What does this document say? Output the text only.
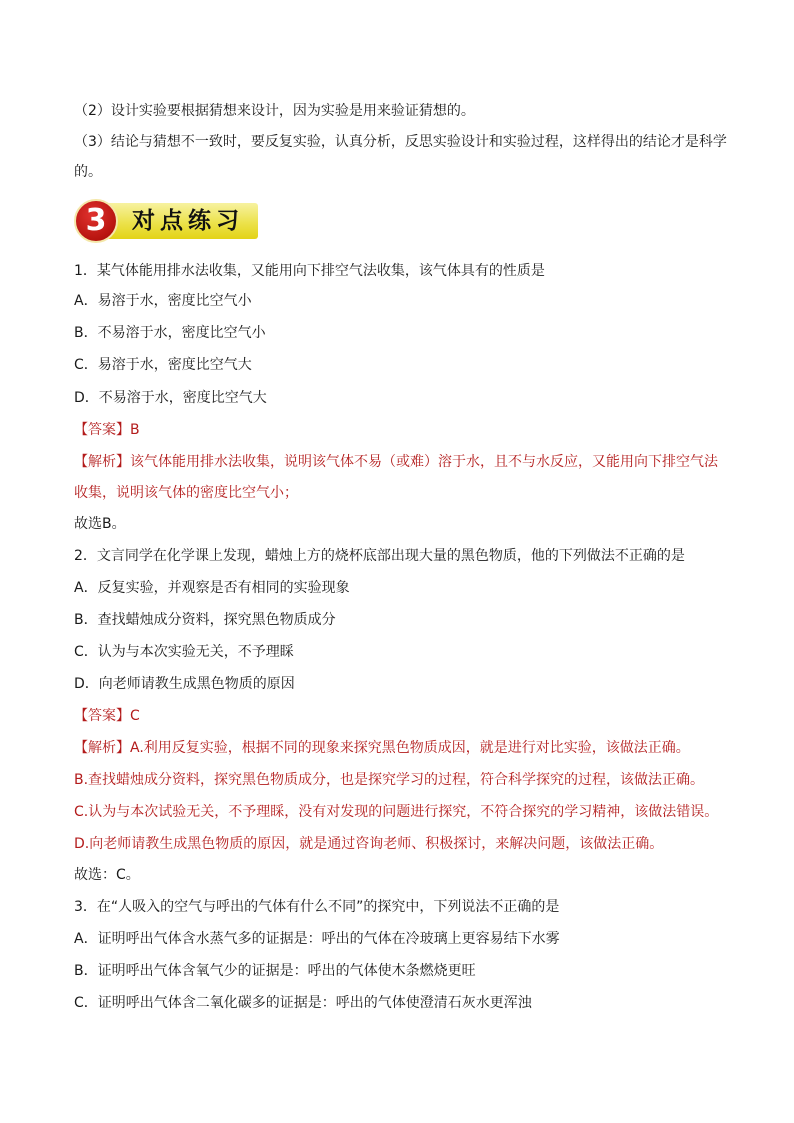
（2）设计实验要根据猜想来设计，因为实验是用来验证猜想的。
（3）结论与猜想不一致时，要反复实验，认真分析，反思实验设计和实验过程，这样得出的结论才是科学
的。
3	对点练习
1．某气体能用排水法收集，又能用向下排空气法收集，该气体具有的性质是
A．易溶于水，密度比空气小
B．不易溶于水，密度比空气小
C．易溶于水，密度比空气大
D．不易溶于水，密度比空气大
【答案】B
【解析】该气体能用排水法收集，说明该气体不易（或难）溶于水，且不与水反应，又能用向下排空气法
收集，说明该气体的密度比空气小；
故选B。
2．文言同学在化学课上发现，蜡烛上方的烧杯底部出现大量的黑色物质，他的下列做法不正确的是
A．反复实验，并观察是否有相同的实验现象
B．查找蜡烛成分资料，探究黑色物质成分
C．认为与本次实验无关，不予理睬
D．向老师请教生成黑色物质的原因
【答案】C
【解析】A.利用反复实验，根据不同的现象来探究黑色物质成因，就是进行对比实验，该做法正确。
B.查找蜡烛成分资料，探究黑色物质成分，也是探究学习的过程，符合科学探究的过程，该做法正确。
C.认为与本次试验无关，不予理睬，没有对发现的问题进行探究，不符合探究的学习精神，该做法错误。
D.向老师请教生成黑色物质的原因，就是通过咨询老师、积极探讨，来解决问题，该做法正确。
故选：C。
3．在“人吸入的空气与呼出的气体有什么不同”的探究中，下列说法不正确的是
A．证明呼出气体含水蒸气多的证据是：呼出的气体在冷玻璃上更容易结下水雾
B．证明呼出气体含氧气少的证据是：呼出的气体使木条燃烧更旺
C．证明呼出气体含二氧化碳多的证据是：呼出的气体使澄清石灰水更浑浊
